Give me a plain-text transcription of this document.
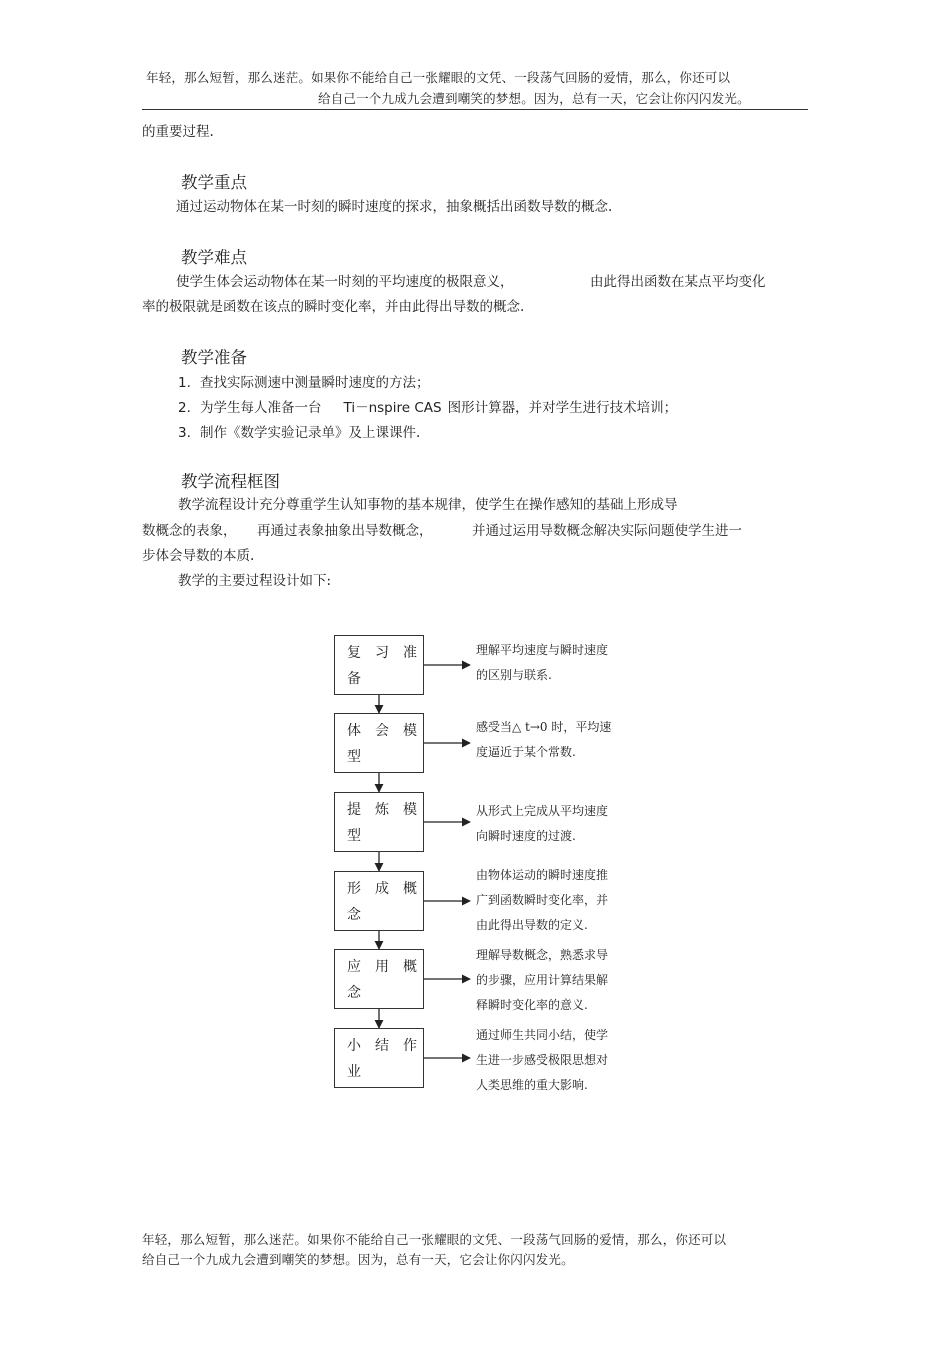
年轻，那么短暂，那么迷茫。如果你不能给自己一张耀眼的文凭、一段荡气回肠的爱情，那么，你还可以
给自己一个九成九会遭到嘲笑的梦想。因为，总有一天，它会让你闪闪发光。
的重要过程.
教学重点
通过运动物体在某一时刻的瞬时速度的探求，抽象概括出函数导数的概念.
教学难点
使学生体会运动物体在某一时刻的平均速度的极限意义，	由此得出函数在某点平均变化
率的极限就是函数在该点的瞬时变化率，并由此得出导数的概念.
教学准备
1. 查找实际测速中测量瞬时速度的方法；
2. 为学生每人准备一台 Ti－nspire CAS 图形计算器，并对学生进行技术培训；
3. 制作《数学实验记录单》及上课课件.
教学流程框图
教学流程设计充分尊重学生认知事物的基本规律，使学生在操作感知的基础上形成导
数概念的表象， 再通过表象抽象出导数概念，	并通过运用导数概念解决实际问题使学生进一
步体会导数的本质.
教学的主要过程设计如下:
复习准
备
理解平均速度与瞬时速度
的区别与联系.
体会模
型
感受当△ t→0 时，平均速
度逼近于某个常数.
提炼模
型
从形式上完成从平均速度
向瞬时速度的过渡.
形成概
念
由物体运动的瞬时速度推
广到函数瞬时变化率，并
由此得出导数的定义.
应用概
念
理解导数概念，熟悉求导
的步骤，应用计算结果解
释瞬时变化率的意义.
小结作
业
通过师生共同小结，使学
生进一步感受极限思想对
人类思维的重大影响.
年轻，那么短暂，那么迷茫。如果你不能给自己一张耀眼的文凭、一段荡气回肠的爱情，那么，你还可以
给自己一个九成九会遭到嘲笑的梦想。因为，总有一天，它会让你闪闪发光。
